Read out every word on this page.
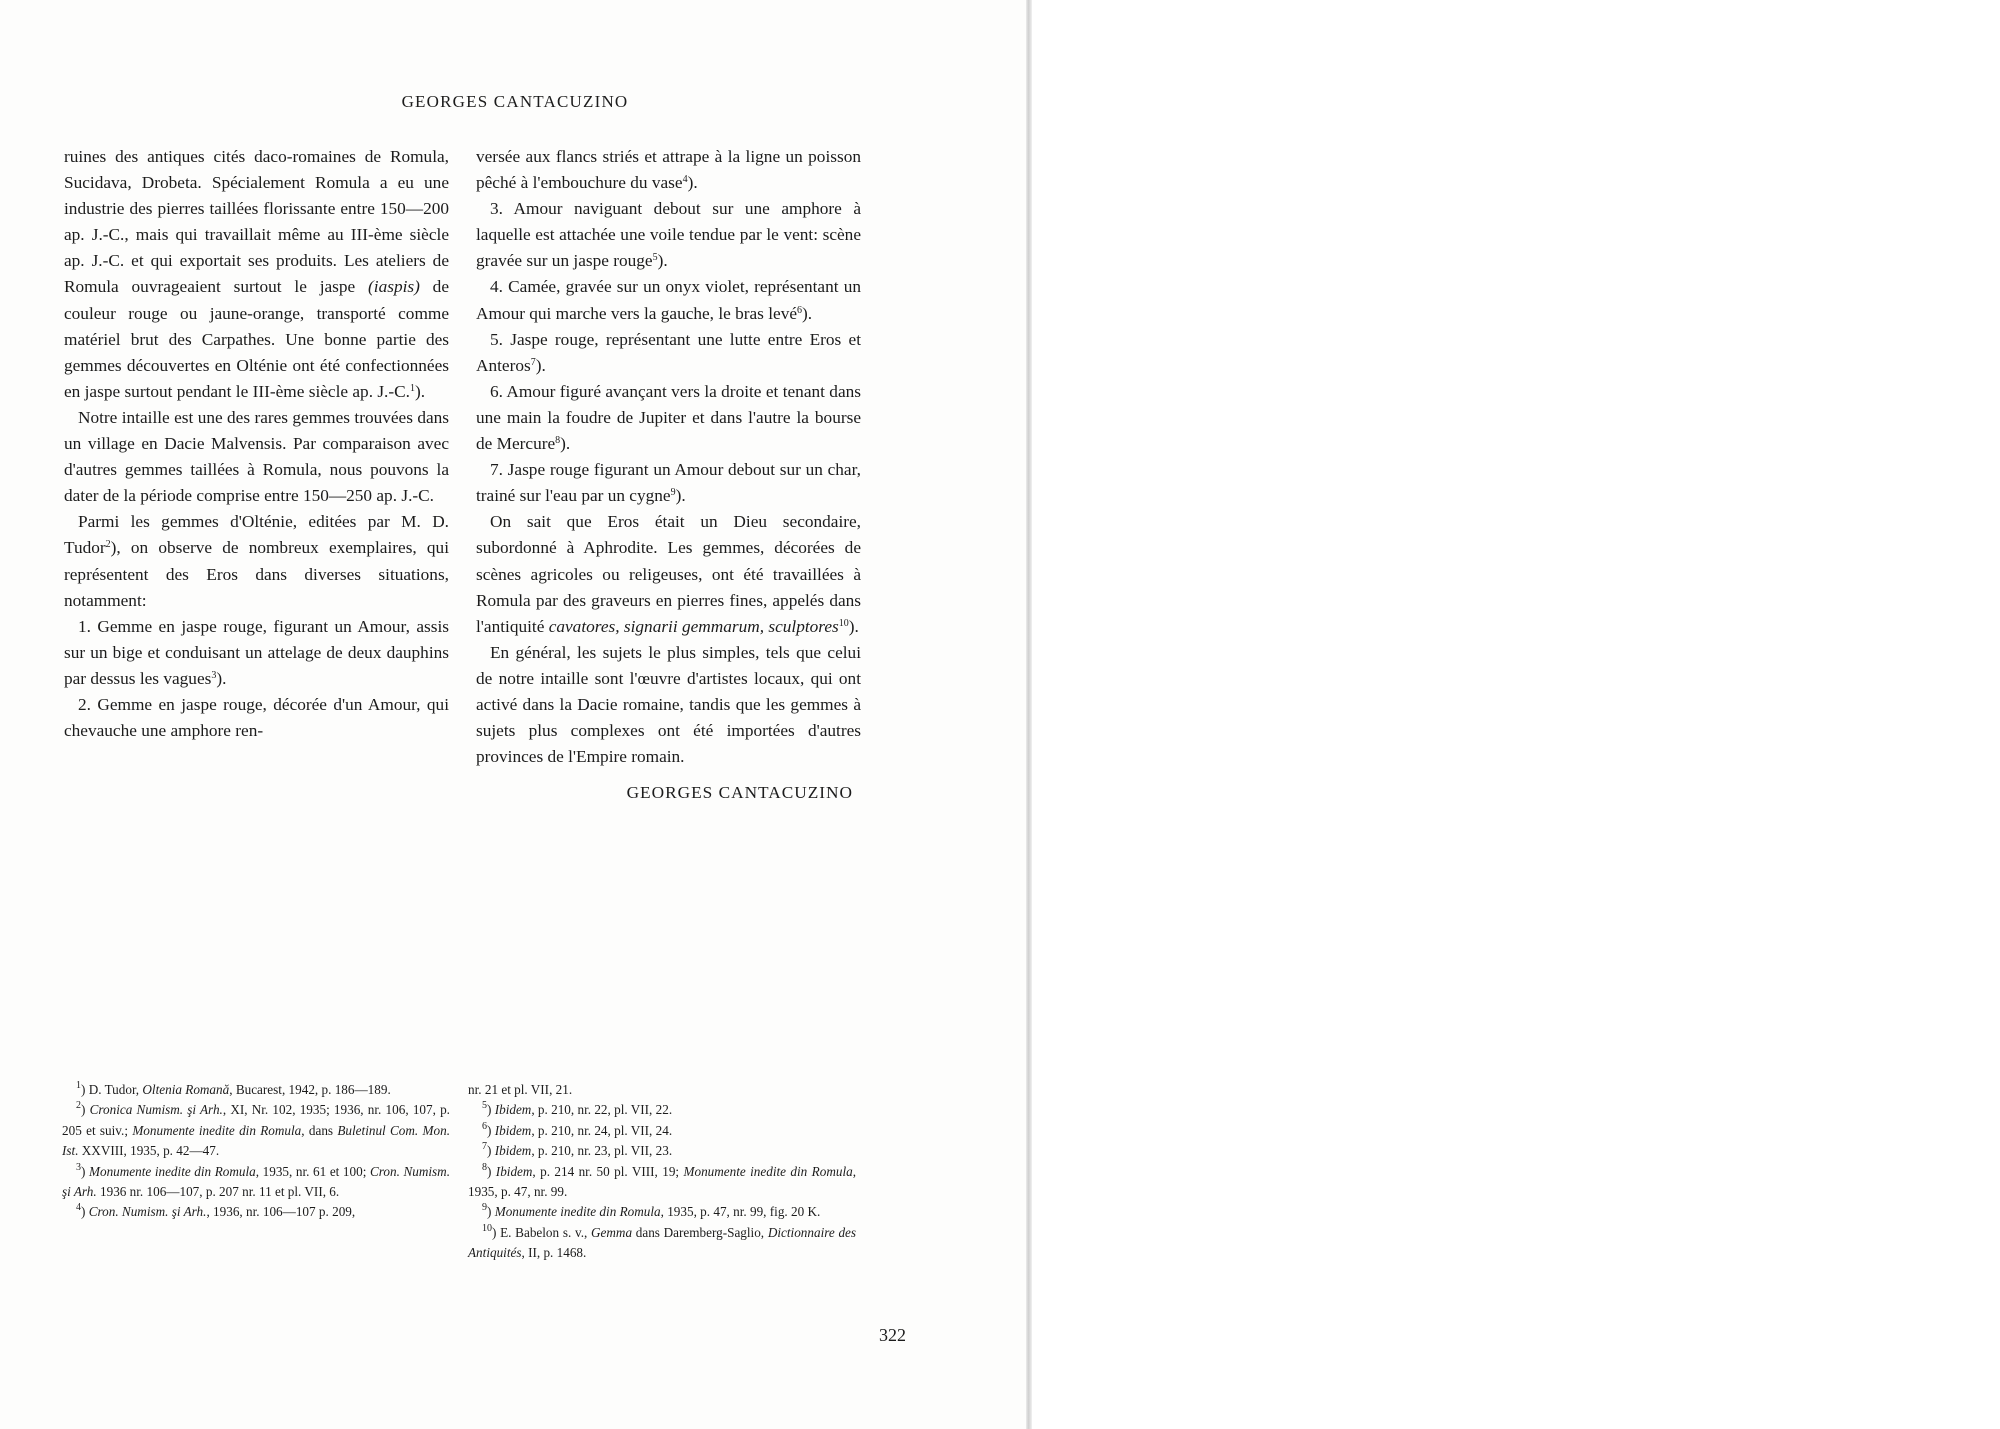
GEORGES CANTACUZINO

ruines des antiques cités daco-romaines de Romula, Sucidava, Drobeta. Spécialement Romula a eu une industrie des pierres taillées florissante entre 150—200 ap. J.-C., mais qui travaillait même au III-ème siècle ap. J.-C. et qui exportait ses produits. Les ateliers de Romula ouvrageaient surtout le jaspe (iaspis) de couleur rouge ou jaune-orange, transporté comme matériel brut des Carpathes. Une bonne partie des gemmes découvertes en Olténie ont été confectionnées en jaspe surtout pendant le III-ème siècle ap. J.-C.$^1$).

Notre intaille est une des rares gemmes trouvées dans un village en Dacie Malvensis. Par comparaison avec d'autres gemmes taillées à Romula, nous pouvons la dater de la période comprise entre 150—250 ap. J.-C.

Parmi les gemmes d'Olténie, editées par M. D. Tudor$^2$), on observe de nombreux exemplaires, qui représentent des Eros dans diverses situations, notamment:

1. Gemme en jaspe rouge, figurant un Amour, assis sur un bige et conduisant un attelage de deux dauphins par dessus les vagues$^3$).

2. Gemme en jaspe rouge, décorée d'un Amour, qui chevauche une amphore ren-

versée aux flancs striés et attrape à la ligne un poisson pêché à l'embouchure du vase$^4$).

3. Amour naviguant debout sur une amphore à laquelle est attachée une voile tendue par le vent: scène gravée sur un jaspe rouge$^5$).

4. Camée, gravée sur un onyx violet, représentant un Amour qui marche vers la gauche, le bras levé$^6$).

5. Jaspe rouge, représentant une lutte entre Eros et Anteros$^7$).

6. Amour figuré avançant vers la droite et tenant dans une main la foudre de Jupiter et dans l'autre la bourse de Mercure$^8$).

7. Jaspe rouge figurant un Amour debout sur un char, trainé sur l'eau par un cygne$^9$).

On sait que Eros était un Dieu secondaire, subordonné à Aphrodite. Les gemmes, décorées de scènes agricoles ou religeuses, ont été travaillées à Romula par des graveurs en pierres fines, appelés dans l'antiquité cavatores, signarii gemmarum, sculptores$^{10}$).

En général, les sujets le plus simples, tels que celui de notre intaille sont l'œuvre d'artistes locaux, qui ont activé dans la Dacie romaine, tandis que les gemmes à sujets plus complexes ont été importées d'autres provinces de l'Empire romain.

GEORGES CANTACUZINO

$^1$) D. Tudor, Oltenia Romană, Bucarest, 1942, p. 186—189.

$^2$) Cronica Numism. şi Arh., XI, Nr. 102, 1935; 1936, nr. 106, 107, p. 205 et suiv.; Monumente inedite din Romula, dans Buletinul Com. Mon. Ist. XXVIII, 1935, p. 42—47.

$^3$) Monumente inedite din Romula, 1935, nr. 61 et 100; Cron. Numism. şi Arh. 1936 nr. 106—107, p. 207 nr. 11 et pl. VII, 6.

$^4$) Cron. Numism. şi Arh., 1936, nr. 106—107 p. 209,

nr. 21 et pl. VII, 21.

$^5$) Ibidem, p. 210, nr. 22, pl. VII, 22.

$^6$) Ibidem, p. 210, nr. 24, pl. VII, 24.

$^7$) Ibidem, p. 210, nr. 23, pl. VII, 23.

$^8$) Ibidem, p. 214 nr. 50 pl. VIII, 19; Monumente inedite din Romula, 1935, p. 47, nr. 99.

$^9$) Monumente inedite din Romula, 1935, p. 47, nr. 99, fig. 20 K.

$^{10}$) E. Babelon s. v., Gemma dans Daremberg-Saglio, Dictionnaire des Antiquités, II, p. 1468.

322
